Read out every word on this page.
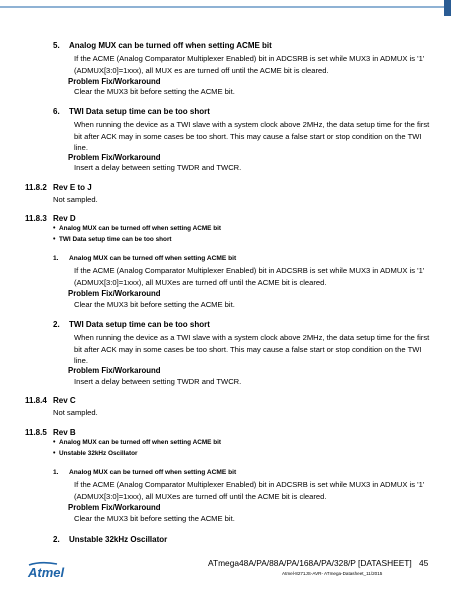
5. Analog MUX can be turned off when setting ACME bit
If the ACME (Analog Comparator Multiplexer Enabled) bit in ADCSRB is set while MUX3 in ADMUX is '1'
(ADMUX[3:0]=1xxx), all MUX es are turned off until the ACME bit is cleared.
Problem Fix/Workaround
Clear the MUX3 bit before setting the ACME bit.
6. TWI Data setup time can be too short
When running the device as a TWI slave with a system clock above 2MHz, the data setup time for the first
bit after ACK may in some cases be too short. This may cause a false start or stop condition on the TWI
line.
Problem Fix/Workaround
Insert a delay between setting TWDR and TWCR.
11.8.2 Rev E to J
Not sampled.
11.8.3 Rev D
• Analog MUX can be turned off when setting ACME bit
• TWI Data setup time can be too short
1. Analog MUX can be turned off when setting ACME bit
If the ACME (Analog Comparator Multiplexer Enabled) bit in ADCSRB is set while MUX3 in ADMUX is '1'
(ADMUX[3:0]=1xxx), all MUXes are turned off until the ACME bit is cleared.
Problem Fix/Workaround
Clear the MUX3 bit before setting the ACME bit.
2. TWI Data setup time can be too short
When running the device as a TWI slave with a system clock above 2MHz, the data setup time for the first
bit after ACK may in some cases be too short. This may cause a false start or stop condition on the TWI
line.
Problem Fix/Workaround
Insert a delay between setting TWDR and TWCR.
11.8.4 Rev C
Not sampled.
11.8.5 Rev B
• Analog MUX can be turned off when setting ACME bit
• Unstable 32kHz Oscillator
1. Analog MUX can be turned off when setting ACME bit
If the ACME (Analog Comparator Multiplexer Enabled) bit in ADCSRB is set while MUX3 in ADMUX is '1'
(ADMUX[3:0]=1xxx), all MUXes are turned off until the ACME bit is cleared.
Problem Fix/Workaround
Clear the MUX3 bit before setting the ACME bit.
2. Unstable 32kHz Oscillator
Atmel
ATmega48A/PA/88A/PA/168A/PA/328/P [DATASHEET] 45
Atmel-8271JS-AVR- ATmega-Datasheet_11/2015
